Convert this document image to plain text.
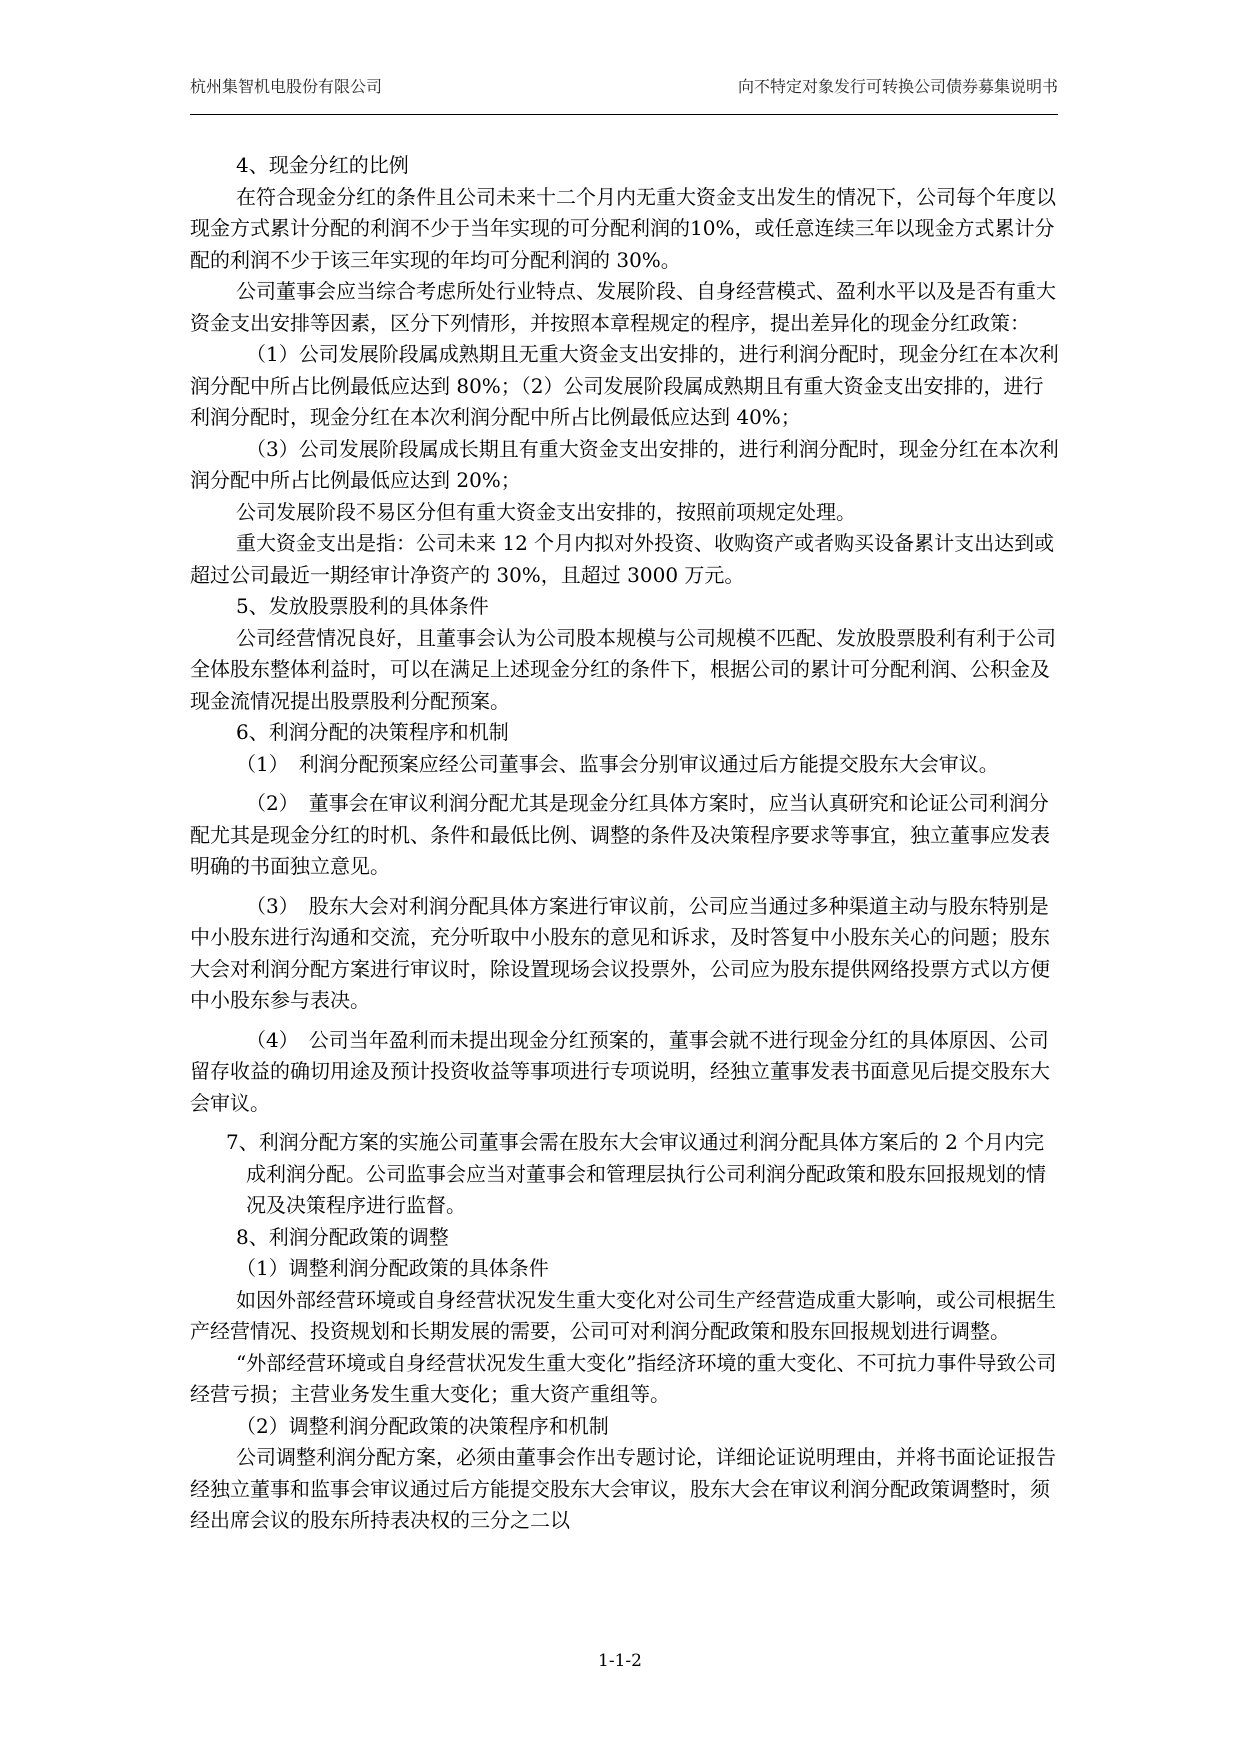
杭州集智机电股份有限公司	向不特定对象发行可转换公司债券募集说明书

4、现金分红的比例

在符合现金分红的条件且公司未来十二个月内无重大资金支出发生的情况下，公司每个年度以现金方式累计分配的利润不少于当年实现的可分配利润的10%，或任意连续三年以现金方式累计分配的利润不少于该三年实现的年均可分配利润的 30%。

公司董事会应当综合考虑所处行业特点、发展阶段、自身经营模式、盈利水平以及是否有重大资金支出安排等因素，区分下列情形，并按照本章程规定的程序，提出差异化的现金分红政策：

（1）公司发展阶段属成熟期且无重大资金支出安排的，进行利润分配时，现金分红在本次利润分配中所占比例最低应达到 80%；（2）公司发展阶段属成熟期且有重大资金支出安排的，进行利润分配时，现金分红在本次利润分配中所占比例最低应达到 40%；

（3）公司发展阶段属成长期且有重大资金支出安排的，进行利润分配时，现金分红在本次利润分配中所占比例最低应达到 20%；

公司发展阶段不易区分但有重大资金支出安排的，按照前项规定处理。

重大资金支出是指：公司未来 12 个月内拟对外投资、收购资产或者购买设备累计支出达到或超过公司最近一期经审计净资产的 30%，且超过 3000 万元。

5、发放股票股利的具体条件

公司经营情况良好，且董事会认为公司股本规模与公司规模不匹配、发放股票股利有利于公司全体股东整体利益时，可以在满足上述现金分红的条件下，根据公司的累计可分配利润、公积金及现金流情况提出股票股利分配预案。

6、利润分配的决策程序和机制

（1）　利润分配预案应经公司董事会、监事会分别审议通过后方能提交股东大会审议。

（2）　董事会在审议利润分配尤其是现金分红具体方案时，应当认真研究和论证公司利润分配尤其是现金分红的时机、条件和最低比例、调整的条件及决策程序要求等事宜，独立董事应发表明确的书面独立意见。

（3）　股东大会对利润分配具体方案进行审议前，公司应当通过多种渠道主动与股东特别是中小股东进行沟通和交流，充分听取中小股东的意见和诉求，及时答复中小股东关心的问题；股东大会对利润分配方案进行审议时，除设置现场会议投票外，公司应为股东提供网络投票方式以方便中小股东参与表决。

（4）　公司当年盈利而未提出现金分红预案的，董事会就不进行现金分红的具体原因、公司留存收益的确切用途及预计投资收益等事项进行专项说明，经独立董事发表书面意见后提交股东大会审议。

7、利润分配方案的实施公司董事会需在股东大会审议通过利润分配具体方案后的 2 个月内完成利润分配。公司监事会应当对董事会和管理层执行公司利润分配政策和股东回报规划的情况及决策程序进行监督。

8、利润分配政策的调整

（1）调整利润分配政策的具体条件

如因外部经营环境或自身经营状况发生重大变化对公司生产经营造成重大影响，或公司根据生产经营情况、投资规划和长期发展的需要，公司可对利润分配政策和股东回报规划进行调整。

“外部经营环境或自身经营状况发生重大变化”指经济环境的重大变化、不可抗力事件导致公司经营亏损；主营业务发生重大变化；重大资产重组等。

（2）调整利润分配政策的决策程序和机制

公司调整利润分配方案，必须由董事会作出专题讨论，详细论证说明理由，并将书面论证报告经独立董事和监事会审议通过后方能提交股东大会审议，股东大会在审议利润分配政策调整时，须经出席会议的股东所持表决权的三分之二以

1-1-2
